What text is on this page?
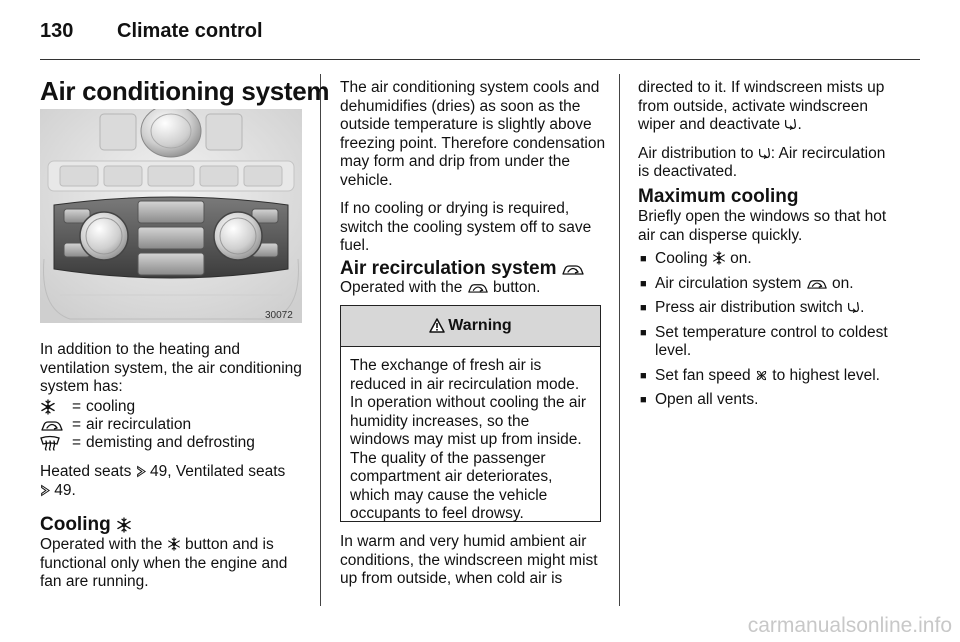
130 Climate control
Air conditioning system
30072
In addition to the heating and ventilation system, the air conditioning system has:
= cooling
= air recirculation
= demisting and defrosting
Heated seats  49, Ventilated seats
49.
Cooling
Operated with the  button and is functional only when the engine and fan are running.

The air conditioning system cools and dehumidifies (dries) as soon as the outside temperature is slightly above freezing point. Therefore condensation may form and drip from under the vehicle.

If no cooling or drying is required, switch the cooling system off to save fuel.

Air recirculation system
Operated with the  button.
Warning
The exchange of fresh air is reduced in air recirculation mode. In operation without cooling the air humidity increases, so the windows may mist up from inside. The quality of the passenger compartment air deteriorates, which may cause the vehicle occupants to feel drowsy.
In warm and very humid ambient air conditions, the windscreen might mist up from outside, when cold air is

directed to it. If windscreen mists up from outside, activate windscreen wiper and deactivate .

Air distribution to : Air recirculation is deactivated.

Maximum cooling
Briefly open the windows so that hot air can disperse quickly.
■ Cooling  on.
■ Air circulation system  on.
■ Press air distribution switch .
■ Set temperature control to coldest level.
■ Set fan speed  to highest level.
■ Open all vents.
carmanualsonline.info
